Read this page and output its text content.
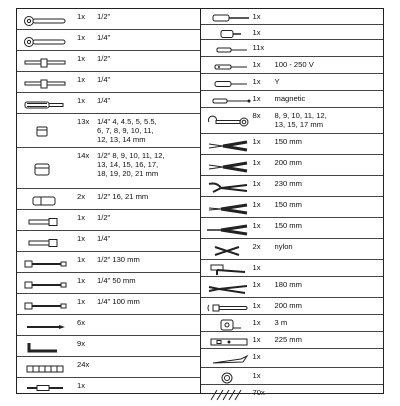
1x 1/2"
1x 1/4"
1x 1/2"
1x 1/4"
1x 1/4"
13x 1/4" 4, 4.5, 5, 5.5,
6, 7, 8, 9, 10, 11,
12, 13, 14 mm
14x 1/2" 8, 9, 10, 11, 12,
13, 14, 15, 16, 17,
18, 19, 20, 21 mm
2x 1/2" 16, 21 mm
1x 1/2"
1x 1/4"
1x 1/2" 130 mm
1x 1/4" 50 mm
1x 1/4" 100 mm
6x
9x
24x
1x
1x
1x
11x
1x 100 - 250 V
1x Y
1x magnetic
8x 8, 9, 10, 11, 12,
13, 15, 17 mm
1x 150 mm
1x 200 mm
1x 230 mm
1x 150 mm
1x 150 mm
2x nylon
1x
1x 180 mm
1x 200 mm
1x 3 m
1x 225 mm
1x
1x
70x
